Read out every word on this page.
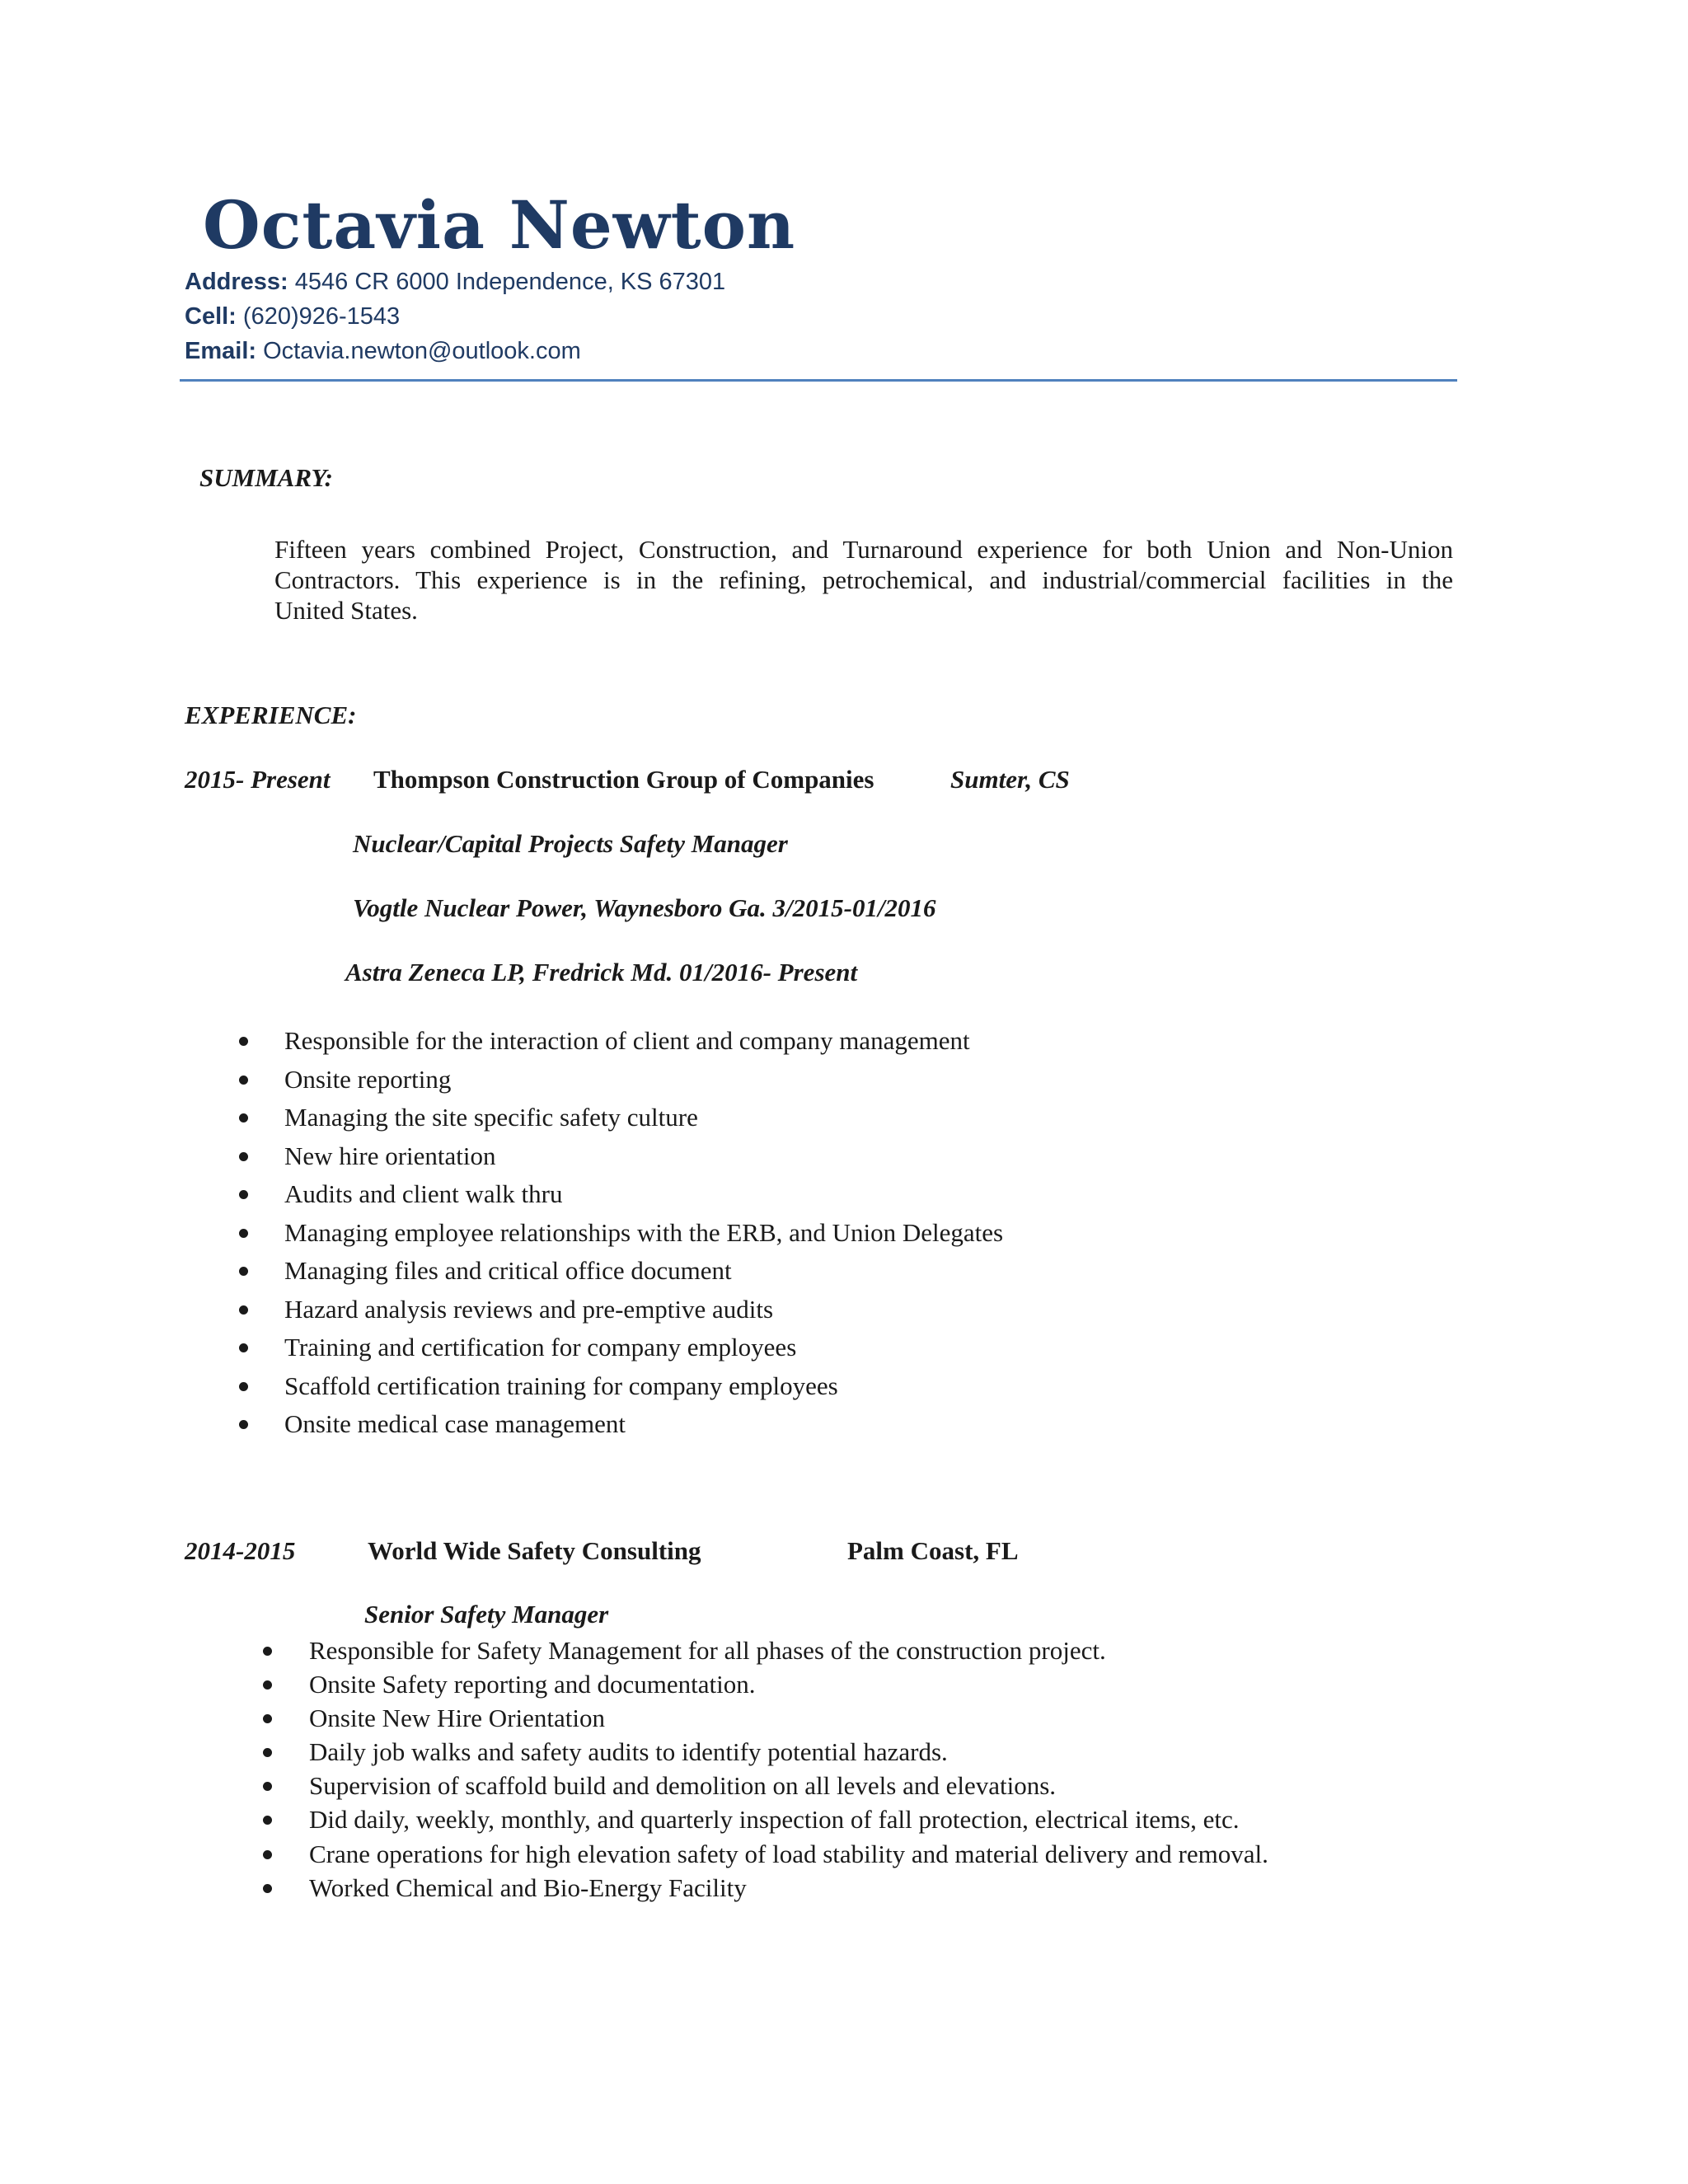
Octavia Newton
Address: 4546 CR 6000 Independence, KS 67301
Cell: (620)926-1543
Email: Octavia.newton@outlook.com
SUMMARY:
Fifteen years combined Project, Construction, and Turnaround experience for both Union and Non-Union
Contractors. This experience is in the refining, petrochemical, and industrial/commercial facilities in the
United States.
EXPERIENCE:
2015- Present Thompson Construction Group of Companies	Sumter, CS
Nuclear/Capital Projects Safety Manager
Vogtle Nuclear Power, Waynesboro Ga. 3/2015-01/2016
Astra Zeneca LP, Fredrick Md. 01/2016- Present
Responsible for the interaction of client and company management
Onsite reporting
Managing the site specific safety culture
New hire orientation
Audits and client walk thru
Managing employee relationships with the ERB, and Union Delegates
Managing files and critical office document
Hazard analysis reviews and pre-emptive audits
Training and certification for company employees
Scaffold certification training for company employees
Onsite medical case management
2014-2015	World Wide Safety Consulting	Palm Coast, FL
Senior Safety Manager
Responsible for Safety Management for all phases of the construction project.
Onsite Safety reporting and documentation.
Onsite New Hire Orientation
Daily job walks and safety audits to identify potential hazards.
Supervision of scaffold build and demolition on all levels and elevations.
Did daily, weekly, monthly, and quarterly inspection of fall protection, electrical items, etc.
Crane operations for high elevation safety of load stability and material delivery and removal.
Worked Chemical and Bio-Energy Facility
